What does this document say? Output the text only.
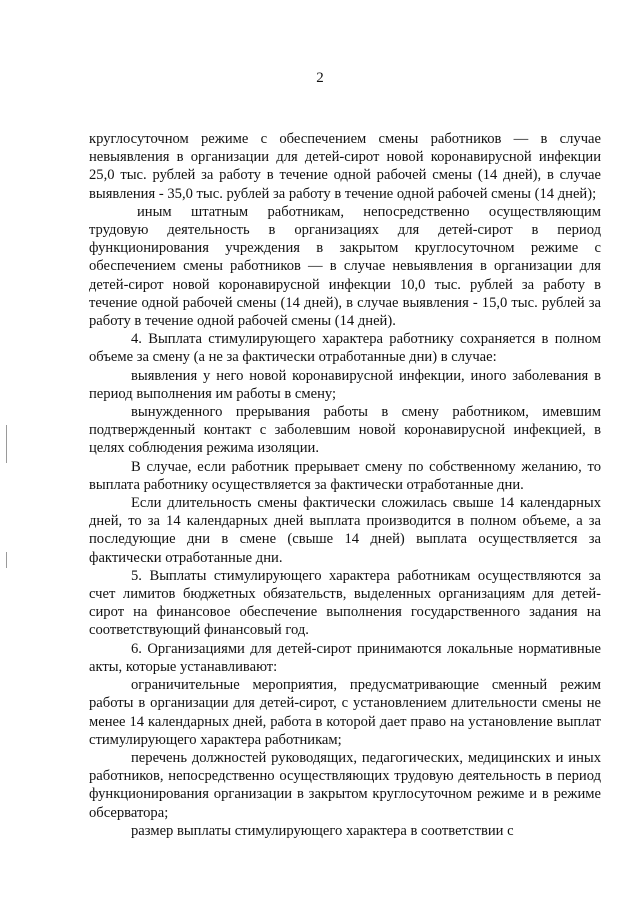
2

круглосуточном режиме с обеспечением смены работников — в случае невыявления в организации для детей-сирот новой коронавирусной инфекции 25,0 тыс. рублей за работу в течение одной рабочей смены (14 дней), в случае выявления - 35,0 тыс. рублей за работу в течение одной рабочей смены (14 дней);

иным штатным работникам, непосредственно осуществляющим трудовую деятельность в организациях для детей-сирот в период функционирования учреждения в закрытом круглосуточном режиме с обеспечением смены работников — в случае невыявления в организации для детей-сирот новой коронавирусной инфекции 10,0 тыс. рублей за работу в течение одной рабочей смены (14 дней), в случае выявления - 15,0 тыс. рублей за работу в течение одной рабочей смены (14 дней).

4. Выплата стимулирующего характера работнику сохраняется в полном объеме за смену (а не за фактически отработанные дни) в случае:

выявления у него новой коронавирусной инфекции, иного заболевания в период выполнения им работы в смену;

вынужденного прерывания работы в смену работником, имевшим подтвержденный контакт с заболевшим новой коронавирусной инфекцией, в целях соблюдения режима изоляции.

В случае, если работник прерывает смену по собственному желанию, то выплата работнику осуществляется за фактически отработанные дни.

Если длительность смены фактически сложилась свыше 14 календарных дней, то за 14 календарных дней выплата производится в полном объеме, а за последующие дни в смене (свыше 14 дней) выплата осуществляется за фактически отработанные дни.

5. Выплаты стимулирующего характера работникам осуществляются за счет лимитов бюджетных обязательств, выделенных организациям для детей-сирот на финансовое обеспечение выполнения государственного задания на соответствующий финансовый год.

6. Организациями для детей-сирот принимаются локальные нормативные акты, которые устанавливают:

ограничительные мероприятия, предусматривающие сменный режим работы в организации для детей-сирот, с установлением длительности смены не менее 14 календарных дней, работа в которой дает право на установление выплат стимулирующего характера работникам;

перечень должностей руководящих, педагогических, медицинских и иных работников, непосредственно осуществляющих трудовую деятельность в период функционирования организации в закрытом круглосуточном режиме и в режиме обсерватора;

размер выплаты стимулирующего характера в соответствии с
